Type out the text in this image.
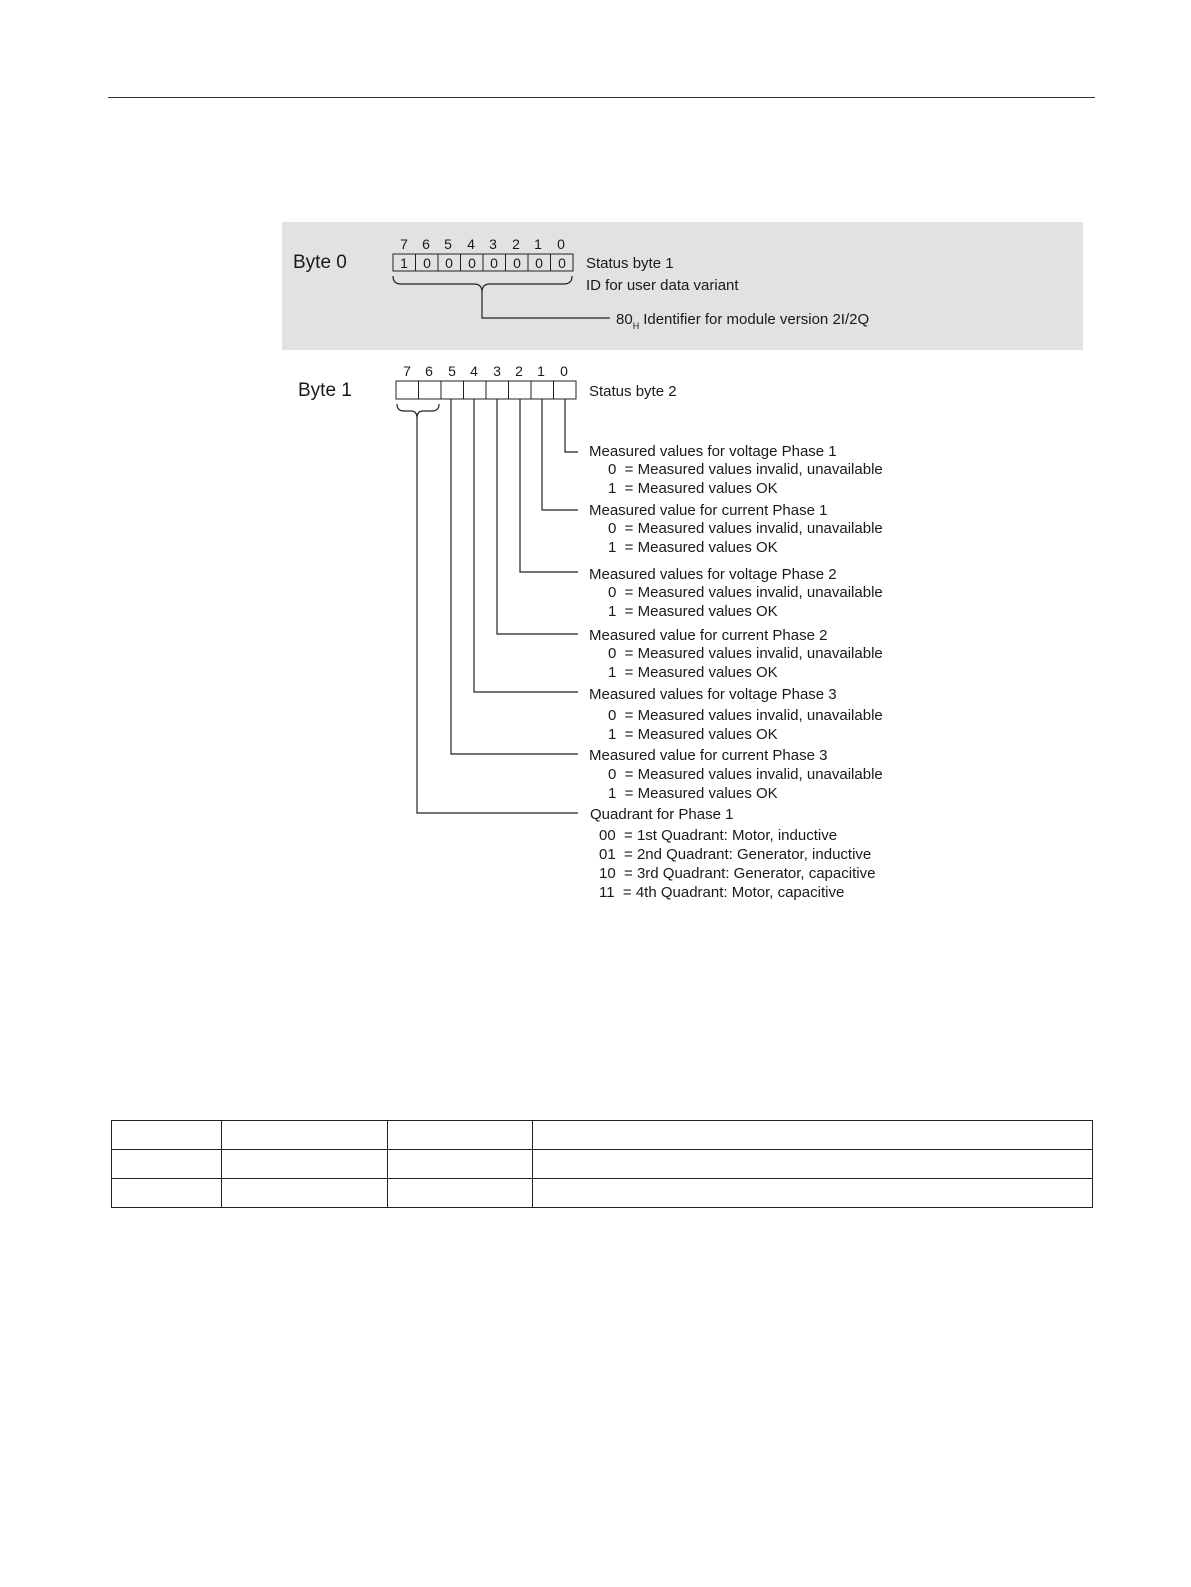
Byte 0
7 6 5 4 3 2 1 0
1 0 0 0 0 0 0 0 Status byte 1
ID for user data variant
$80_H$ Identifier for module version 2I/2Q
Byte 1
7 6 5 4 3 2 1 0
Status byte 2
Measured values for voltage Phase 1
0  = Measured values invalid, unavailable
1  = Measured values OK
Measured value for current Phase 1
0  = Measured values invalid, unavailable
1  = Measured values OK
Measured values for voltage Phase 2
0  = Measured values invalid, unavailable
1  = Measured values OK
Measured value for current Phase 2
0  = Measured values invalid, unavailable
1  = Measured values OK
Measured values for voltage Phase 3
0  = Measured values invalid, unavailable
1  = Measured values OK
Measured value for current Phase 3
0  = Measured values invalid, unavailable
1  = Measured values OK
Quadrant for Phase 1
00  = 1st Quadrant: Motor, inductive
01  = 2nd Quadrant: Generator, inductive
10  = 3rd Quadrant: Generator, capacitive
11  = 4th Quadrant: Motor, capacitive
